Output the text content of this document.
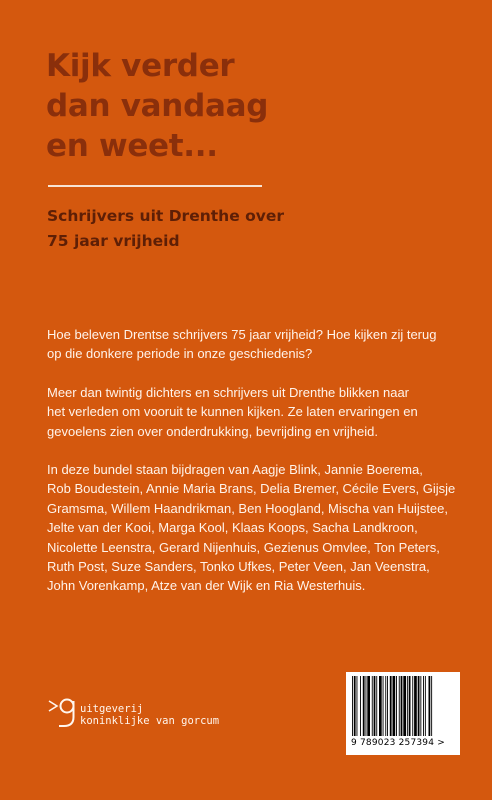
Kijk verder
dan vandaag
en weet...
Schrijvers uit Drenthe over
75 jaar vrijheid

Hoe beleven Drentse schrijvers 75 jaar vrijheid? Hoe kijken zij terug
op die donkere periode in onze geschiedenis?

Meer dan twintig dichters en schrijvers uit Drenthe blikken naar
het verleden om vooruit te kunnen kijken. Ze laten ervaringen en
gevoelens zien over onderdrukking, bevrijding en vrijheid.

In deze bundel staan bijdragen van Aagje Blink, Jannie Boerema,
Rob Boudestein, Annie Maria Brans, Delia Bremer, Cécile Evers, Gijsje
Gramsma, Willem Haandrikman, Ben Hoogland, Mischa van Huijstee,
Jelte van der Kooi, Marga Kool, Klaas Koops, Sacha Landkroon,
Nicolette Leenstra, Gerard Nijenhuis, Gezienus Omvlee, Ton Peters,
Ruth Post, Suze Sanders, Tonko Ufkes, Peter Veen, Jan Veenstra,
John Vorenkamp, Atze van der Wijk en Ria Westerhuis.

uitgeverij
koninklijke van gorcum
9 789023 257394 >
